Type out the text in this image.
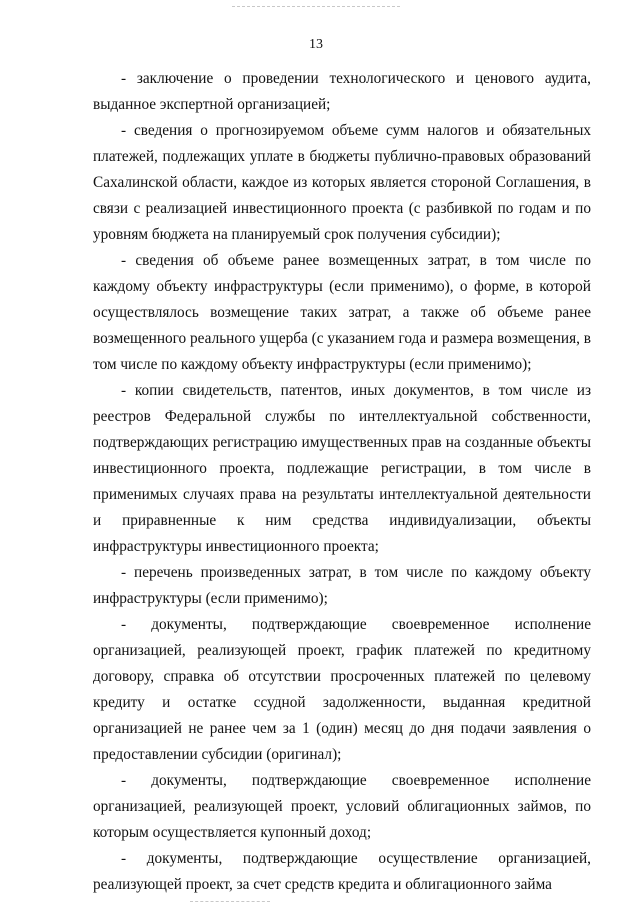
13

- заключение о проведении технологического и ценового аудита, выданное экспертной организацией;

- сведения о прогнозируемом объеме сумм налогов и обязательных платежей, подлежащих уплате в бюджеты публично-правовых образований Сахалинской области, каждое из которых является стороной Соглашения, в связи с реализацией инвестиционного проекта (с разбивкой по годам и по уровням бюджета на планируемый срок получения субсидии);

- сведения об объеме ранее возмещенных затрат, в том числе по каждому объекту инфраструктуры (если применимо), о форме, в которой осуществлялось возмещение таких затрат, а также об объеме ранее возмещенного реального ущерба (с указанием года и размера возмещения, в том числе по каждому объекту инфраструктуры (если применимо);

- копии свидетельств, патентов, иных документов, в том числе из реестров Федеральной службы по интеллектуальной собственности, подтверждающих регистрацию имущественных прав на созданные объекты инвестиционного проекта, подлежащие регистрации, в том числе в применимых случаях права на результаты интеллектуальной деятельности и приравненные к ним средства индивидуализации, объекты инфраструктуры инвестиционного проекта;

- перечень произведенных затрат, в том числе по каждому объекту инфраструктуры (если применимо);

- документы, подтверждающие своевременное исполнение организацией, реализующей проект, график платежей по кредитному договору, справка об отсутствии просроченных платежей по целевому кредиту и остатке ссудной задолженности, выданная кредитной организацией не ранее чем за 1 (один) месяц до дня подачи заявления о предоставлении субсидии (оригинал);

- документы, подтверждающие своевременное исполнение организацией, реализующей проект, условий облигационных займов, по которым осуществляется купонный доход;

- документы, подтверждающие осуществление организацией, реализующей проект, за счет средств кредита и облигационного займа
